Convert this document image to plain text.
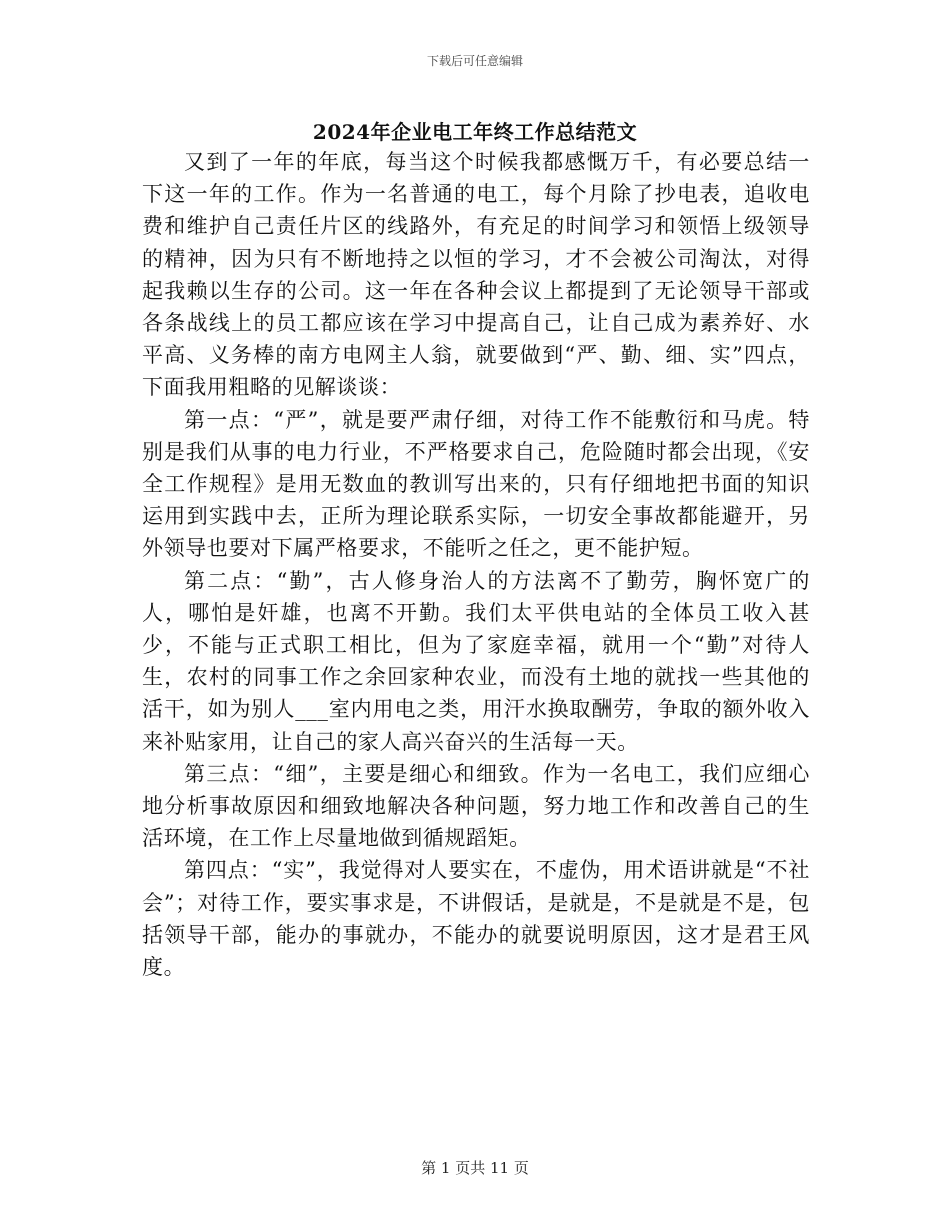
下载后可任意编辑
2024年企业电工年终工作总结范文

又到了一年的年底，每当这个时候我都感慨万千，有必要总结一下这一年的工作。作为一名普通的电工，每个月除了抄电表，追收电费和维护自己责任片区的线路外，有充足的时间学习和领悟上级领导的精神，因为只有不断地持之以恒的学习，才不会被公司淘汰，对得起我赖以生存的公司。这一年在各种会议上都提到了无论领导干部或各条战线上的员工都应该在学习中提高自己，让自己成为素养好、水平高、义务棒的南方电网主人翁，就要做到“严、勤、细、实”四点，下面我用粗略的见解谈谈：

第一点：“严”，就是要严肃仔细，对待工作不能敷衍和马虎。特别是我们从事的电力行业，不严格要求自己，危险随时都会出现，《安全工作规程》是用无数血的教训写出来的，只有仔细地把书面的知识运用到实践中去，正所为理论联系实际，一切安全事故都能避开，另外领导也要对下属严格要求，不能听之任之，更不能护短。

第二点：“勤”，古人修身治人的方法离不了勤劳，胸怀宽广的人，哪怕是奸雄，也离不开勤。我们太平供电站的全体员工收入甚少，不能与正式职工相比，但为了家庭幸福，就用一个“勤”对待人生，农村的同事工作之余回家种农业，而没有土地的就找一些其他的活干，如为别人___室内用电之类，用汗水换取酬劳，争取的额外收入来补贴家用，让自己的家人高兴奋兴的生活每一天。

第三点：“细”，主要是细心和细致。作为一名电工，我们应细心地分析事故原因和细致地解决各种问题，努力地工作和改善自己的生活环境，在工作上尽量地做到循规蹈矩。

第四点：“实”，我觉得对人要实在，不虚伪，用术语讲就是“不社会”；对待工作，要实事求是，不讲假话，是就是，不是就是不是，包括领导干部，能办的事就办，不能办的就要说明原因，这才是君王风度。

第 1 页共 11 页
